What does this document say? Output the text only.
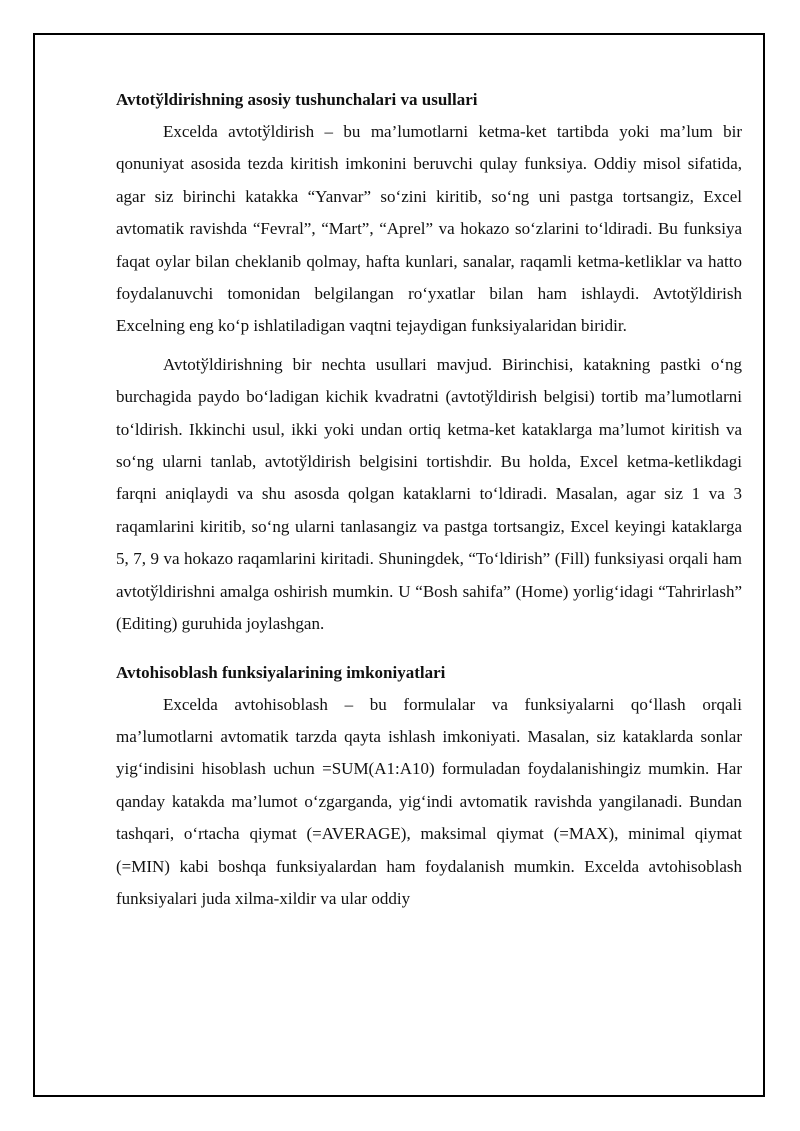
Avtotўldirishning asosiy tushunchalari va usullari

Excelda avtotўldirish – bu ma’lumotlarni ketma-ket tartibda yoki ma’lum bir qonuniyat asosida tezda kiritish imkonini beruvchi qulay funksiya. Oddiy misol sifatida, agar siz birinchi katakka “Yanvar” so‘zini kiritib, so‘ng uni pastga tortsangiz, Excel avtomatik ravishda “Fevral”, “Mart”, “Aprel” va hokazo so‘zlarini to‘ldiradi. Bu funksiya faqat oylar bilan cheklanib qolmay, hafta kunlari, sanalar, raqamli ketma-ketliklar va hatto foydalanuvchi tomonidan belgilangan ro‘yxatlar bilan ham ishlaydi. Avtotўldirish Excelning eng ko‘p ishlatiladigan vaqtni tejaydigan funksiyalaridan biridir.

Avtotўldirishning bir nechta usullari mavjud. Birinchisi, katakning pastki o‘ng burchagida paydo bo‘ladigan kichik kvadratni (avtotўldirish belgisi) tortib ma’lumotlarni to‘ldirish. Ikkinchi usul, ikki yoki undan ortiq ketma-ket kataklarga ma’lumot kiritish va so‘ng ularni tanlab, avtotўldirish belgisini tortishdir. Bu holda, Excel ketma-ketlikdagi farqni aniqlaydi va shu asosda qolgan kataklarni to‘ldiradi. Masalan, agar siz 1 va 3 raqamlarini kiritib, so‘ng ularni tanlasangiz va pastga tortsangiz, Excel keyingi kataklarga 5, 7, 9 va hokazo raqamlarini kiritadi. Shuningdek, “To‘ldirish” (Fill) funksiyasi orqali ham avtotўldirishni amalga oshirish mumkin. U “Bosh sahifa” (Home) yorlig‘idagi “Tahrirlash” (Editing) guruhida joylashgan.

Avtohisoblash funksiyalarining imkoniyatlari

Excelda avtohisoblash – bu formulalar va funksiyalarni qo‘llash orqali ma’lumotlarni avtomatik tarzda qayta ishlash imkoniyati. Masalan, siz kataklarda sonlar yig‘indisini hisoblash uchun =SUM(A1:A10) formuladan foydalanishingiz mumkin. Har qanday katakda ma’lumot o‘zgarganda, yig‘indi avtomatik ravishda yangilanadi. Bundan tashqari, o‘rtacha qiymat (=AVERAGE), maksimal qiymat (=MAX), minimal qiymat (=MIN) kabi boshqa funksiyalardan ham foydalanish mumkin. Excelda avtohisoblash funksiyalari juda xilma-xildir va ular oddiy
